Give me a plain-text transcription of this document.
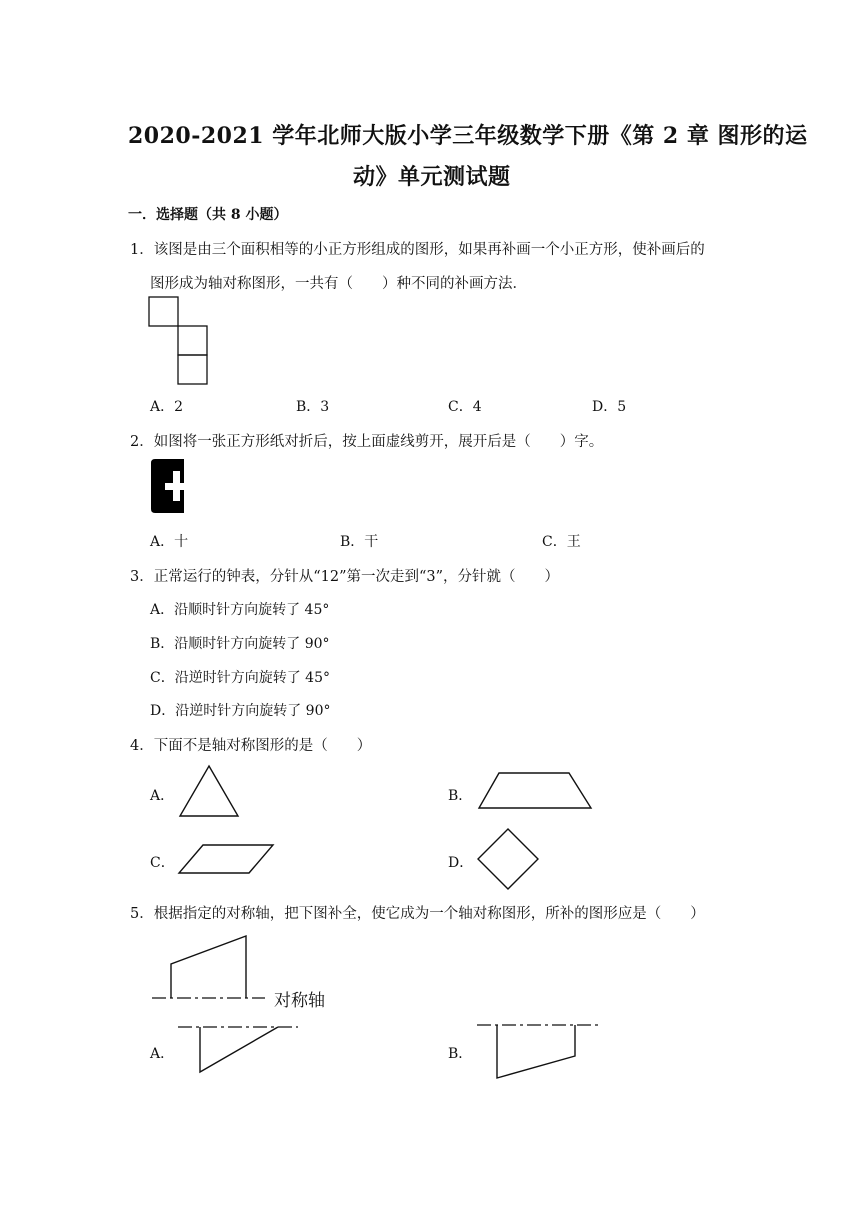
2020-2021 学年北师大版小学三年级数学下册《第 2 章 图形的运
动》单元测试题
一．选择题（共 8 小题）
1．该图是由三个面积相等的小正方形组成的图形，如果再补画一个小正方形，使补画后的
图形成为轴对称图形，一共有（　　）种不同的补画方法．
A．2	B．3	C．4	D．5
2．如图将一张正方形纸对折后，按上面虚线剪开，展开后是（　　）字。
A．十	B．干	C．王
3．正常运行的钟表，分针从“12”第一次走到“3”，分针就（　　）
A．沿顺时针方向旋转了 45°
B．沿顺时针方向旋转了 90°
C．沿逆时针方向旋转了 45°
D．沿逆时针方向旋转了 90°
4．下面不是轴对称图形的是（　　）
A．	B．
C．	D．
5．根据指定的对称轴，把下图补全，使它成为一个轴对称图形，所补的图形应是（　　）
对称轴
A．	B．
